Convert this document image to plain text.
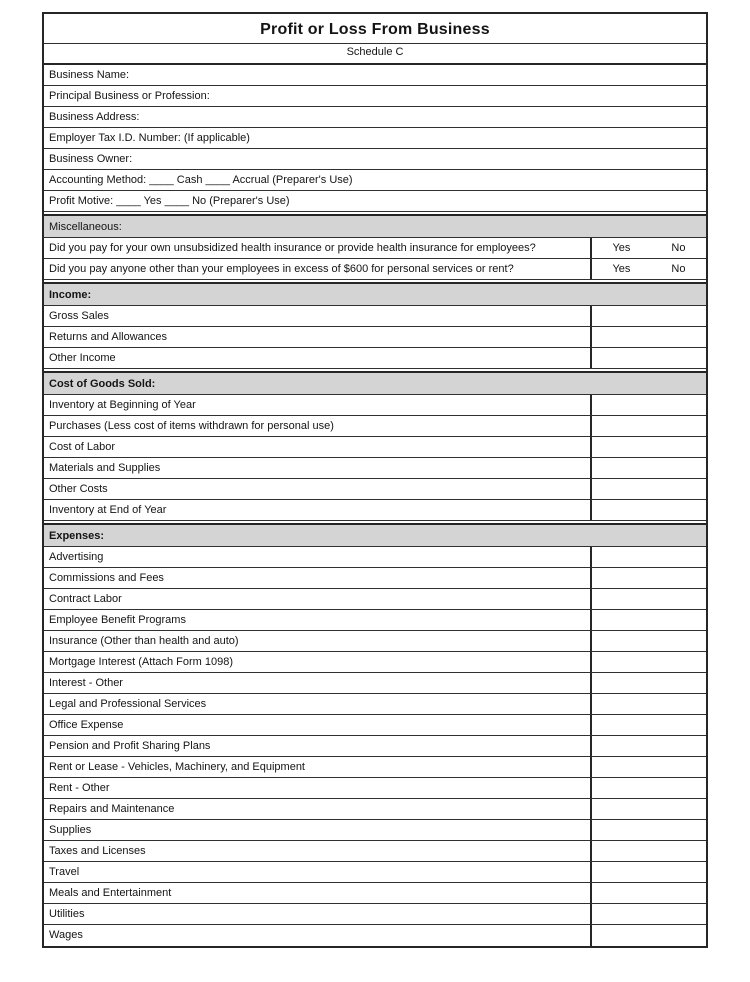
Profit or Loss From Business
Schedule C
Business Name:
Principal Business or Profession:
Business Address:
Employer Tax I.D. Number: (If applicable)
Business Owner:
Accounting Method: ____ Cash ____ Accrual (Preparer's Use)
Profit Motive: ____ Yes ____ No (Preparer's Use)
Miscellaneous:
Did you pay for your own unsubsidized health insurance or provide health insurance for employees?	Yes	No
Did you pay anyone other than your employees in excess of $600 for personal services or rent?	Yes	No
Income:
Gross Sales
Returns and Allowances
Other Income
Cost of Goods Sold:
Inventory at Beginning of Year
Purchases (Less cost of items withdrawn for personal use)
Cost of Labor
Materials and Supplies
Other Costs
Inventory at End of Year
Expenses:
Advertising
Commissions and Fees
Contract Labor
Employee Benefit Programs
Insurance (Other than health and auto)
Mortgage Interest (Attach Form 1098)
Interest - Other
Legal and Professional Services
Office Expense
Pension and Profit Sharing Plans
Rent or Lease - Vehicles, Machinery, and Equipment
Rent - Other
Repairs and Maintenance
Supplies
Taxes and Licenses
Travel
Meals and Entertainment
Utilities
Wages
